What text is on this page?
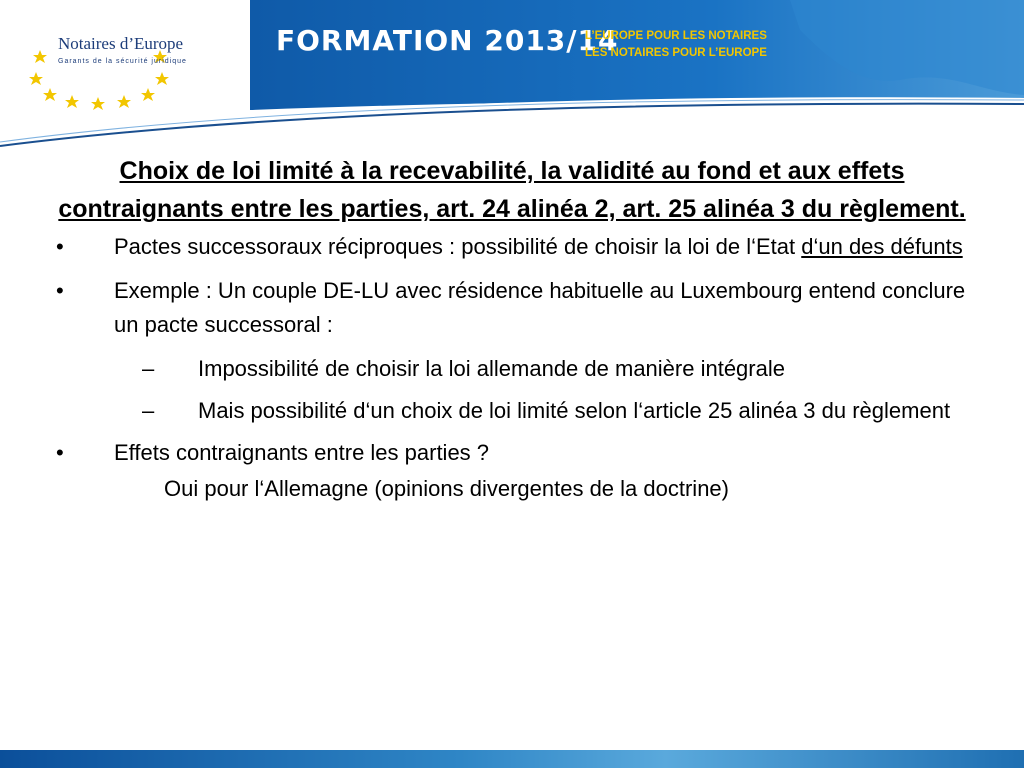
Notaires d’Europe
Garants de la sécurité juridique
FORMATION 2013/14
L’EUROPE POUR LES NOTAIRES
LES NOTAIRES POUR L’EUROPE
Choix de loi limité à la recevabilité, la validité au fond et aux effets contraignants entre les parties, art. 24 alinéa 2, art. 25 alinéa 3 du règlement.
• Pactes successoraux réciproques : possibilité de choisir la loi de l‘Etat d‘un des défunts
• Exemple : Un couple DE-LU avec résidence habituelle au Luxembourg entend conclure un pacte successoral :
– Impossibilité de choisir la loi allemande de manière intégrale
– Mais possibilité d‘un choix de loi limité selon l‘article 25 alinéa 3 du règlement
• Effets contraignants entre les parties ?
Oui pour l‘Allemagne (opinions divergentes de la doctrine)
